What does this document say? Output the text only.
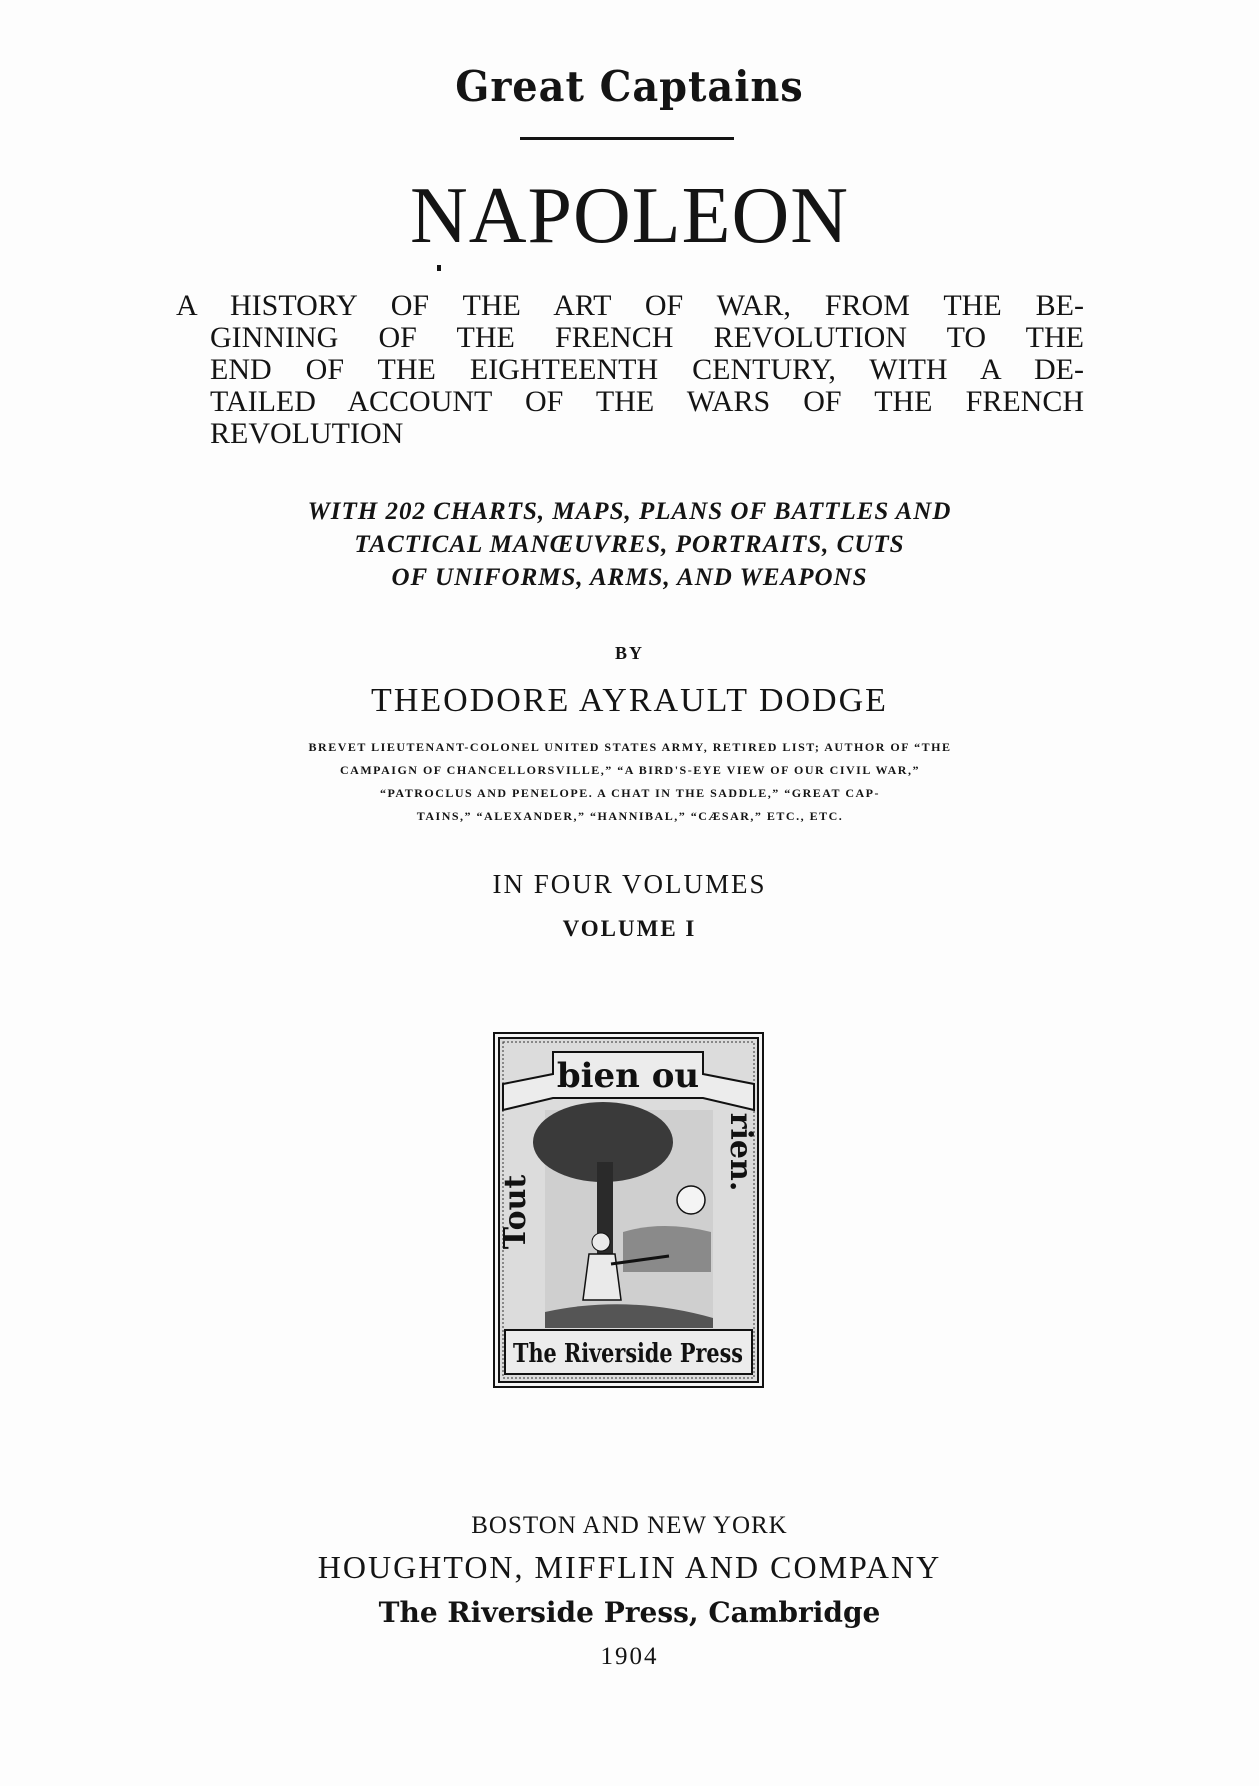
Great Captains
NAPOLEON
A HISTORY OF THE ART OF WAR, FROM THE BE-
GINNING OF THE FRENCH REVOLUTION TO THE
END OF THE EIGHTEENTH CENTURY, WITH A DE-
TAILED ACCOUNT OF THE WARS OF THE FRENCH
REVOLUTION
WITH 202 CHARTS, MAPS, PLANS OF BATTLES AND
TACTICAL MANŒUVRES, PORTRAITS, CUTS
OF UNIFORMS, ARMS, AND WEAPONS
BY
THEODORE AYRAULT DODGE
BREVET LIEUTENANT-COLONEL UNITED STATES ARMY, RETIRED LIST; AUTHOR OF “THE
CAMPAIGN OF CHANCELLORSVILLE,” “A BIRD'S-EYE VIEW OF OUR CIVIL WAR,”
“PATROCLUS AND PENELOPE. A CHAT IN THE SADDLE,” “GREAT CAP-
TAINS,” “ALEXANDER,” “HANNIBAL,” “CÆSAR,” ETC., ETC.
IN FOUR VOLUMES
VOLUME I
bien ou
Tout
rien.
The Riverside Press
BOSTON AND NEW YORK
HOUGHTON, MIFFLIN AND COMPANY
The Riverside Press, Cambridge
1904
